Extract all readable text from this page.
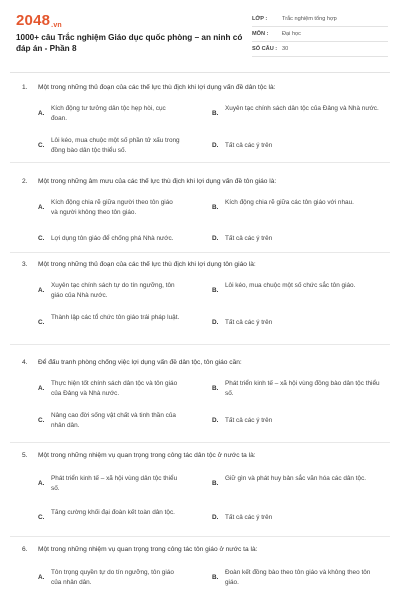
2048.vn
1000+ câu Trắc nghiệm Giáo dục quốc phòng – an ninh có đáp án - Phần 8
LỚP :	Trắc nghiệm tổng hợp
MÔN :	Đại học
SỐ CÂU : 30
1. Một trong những thủ đoạn của các thế lực thù địch khi lợi dụng vấn đề dân tộc là:
A.
Kích động tư tưởng dân tộc hẹp hòi, cục đoan.
B.
Xuyên tạc chính sách dân tộc của Đảng và Nhà nước.
C.
Lôi kéo, mua chuộc một số phần tử xấu trong đồng bào dân tộc thiểu số.
D. Tất cả các ý trên
2. Một trong những âm mưu của các thế lực thù địch khi lợi dụng vấn đề tôn giáo là:
A.
Kích động chia rẽ giữa người theo tôn giáo và người không theo tôn giáo.
B.
Kích động chia rẽ giữa các tôn giáo với nhau.
C. Lợi dụng tôn giáo để chống phá Nhà nước.	D. Tất cả các ý trên
3. Một trong những thủ đoạn của các thế lực thù địch khi lợi dụng tôn giáo là:
A.
Xuyên tạc chính sách tự do tín ngưỡng, tôn giáo của Nhà nước.
B.
Lôi kéo, mua chuộc một số chức sắc tôn giáo.
C.
Thành lập các tổ chức tôn giáo trái pháp luật.
D. Tất cả các ý trên
4. Để đấu tranh phòng chống việc lợi dụng vấn đề dân tộc, tôn giáo cần:
A.
Thực hiện tốt chính sách dân tộc và tôn giáo của Đảng và Nhà nước.
B.
Phát triển kinh tế – xã hội vùng đồng bào dân tộc thiểu số.
C.
Nâng cao đời sống vật chất và tinh thần của nhân dân.
D. Tất cả các ý trên
5. Một trong những nhiệm vụ quan trọng trong công tác dân tộc ở nước ta là:
A.
Phát triển kinh tế – xã hội vùng dân tộc thiểu số.
B.
Giữ gìn và phát huy bản sắc văn hóa các dân tộc.
C.
Tăng cường khối đại đoàn kết toàn dân tộc.
D. Tất cả các ý trên
6. Một trong những nhiệm vụ quan trọng trong công tác tôn giáo ở nước ta là:
A.
Tôn trọng quyền tự do tín ngưỡng, tôn giáo của nhân dân.
B.
Đoàn kết đồng bào theo tôn giáo và không theo tôn giáo.
